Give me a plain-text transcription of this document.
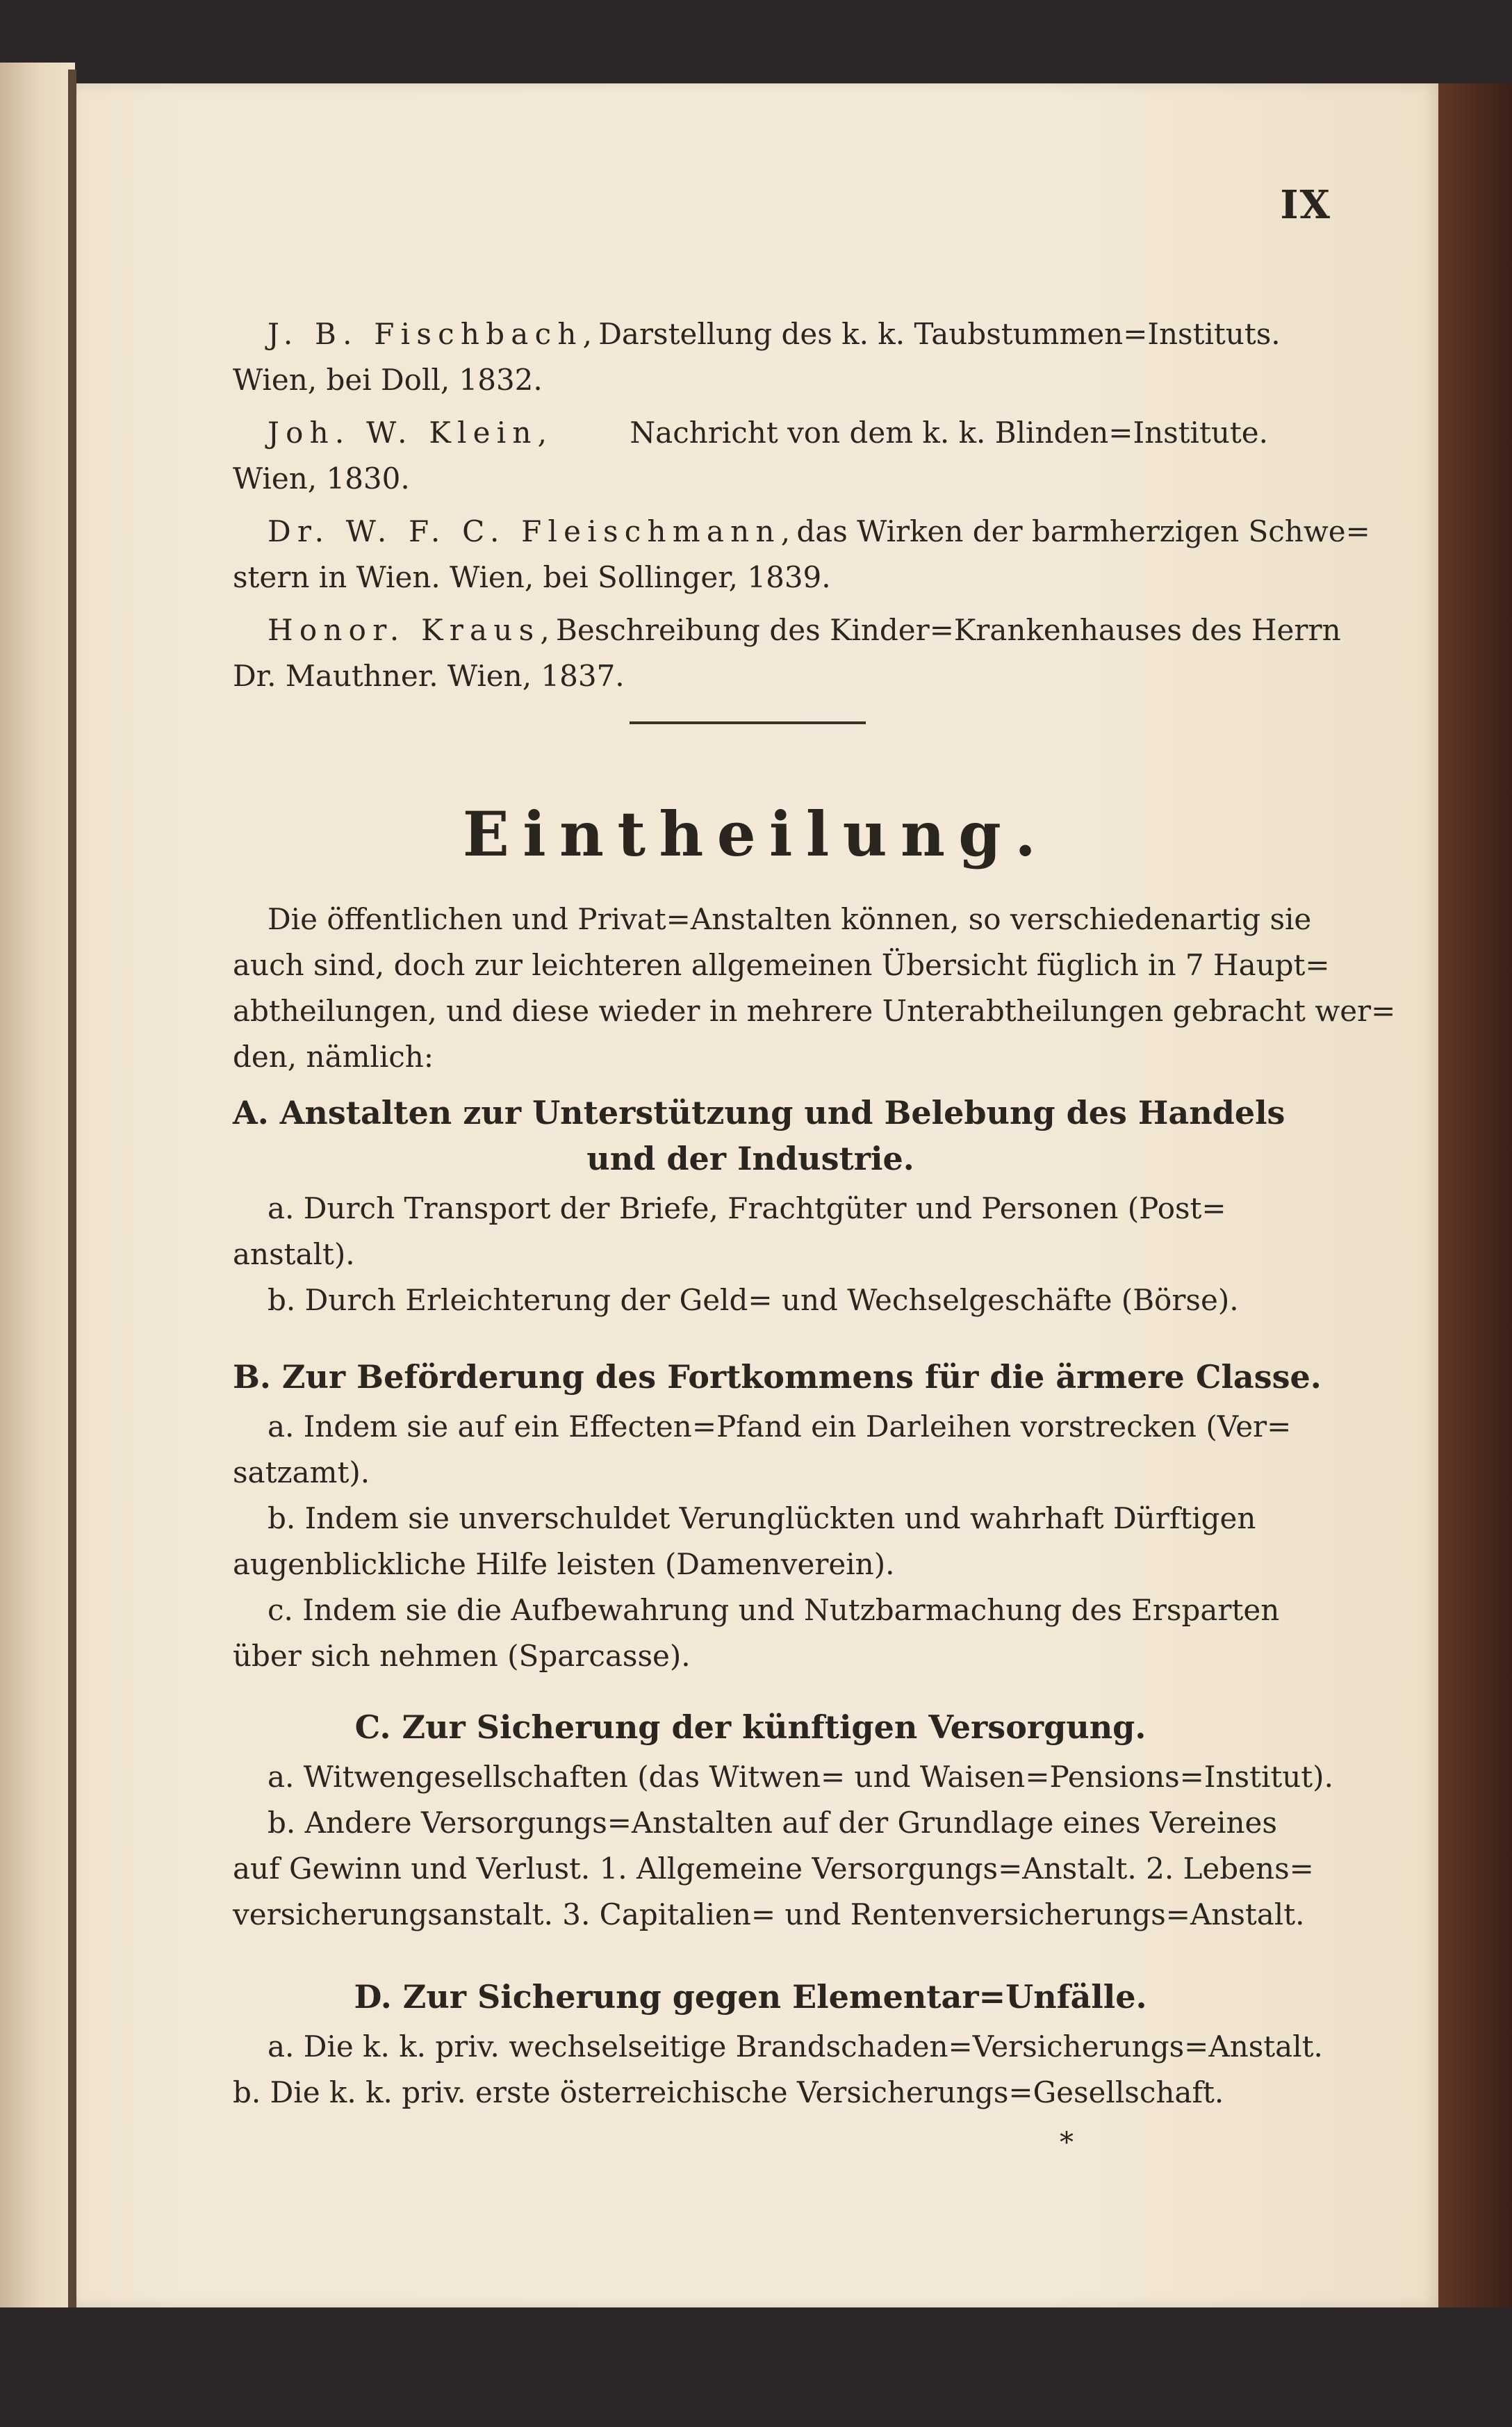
IX
J. B. Fischbach, Darstellung des k. k. Taubstummen=Instituts.
Wien, bei Doll, 1832.
Joh. W. Klein,	Nachricht von dem k. k. Blinden=Institute.
Wien, 1830.
Dr. W. F. C. Fleischmann, das Wirken der barmherzigen Schwe=
stern in Wien. Wien, bei Sollinger, 1839.
Honor. Kraus, Beschreibung des Kinder=Krankenhauses des Herrn
Dr. Mauthner. Wien, 1837.
Eintheilung.
Die öffentlichen und Privat=Anstalten können, so verschiedenartig sie
auch sind, doch zur leichteren allgemeinen Übersicht füglich in 7 Haupt=
abtheilungen, und diese wieder in mehrere Unterabtheilungen gebracht wer=
den, nämlich:
A. Anstalten zur Unterstützung und Belebung des Handels
und der Industrie.
a. Durch Transport der Briefe, Frachtgüter und Personen (Post=
anstalt).
b. Durch Erleichterung der Geld= und Wechselgeschäfte (Börse).
B. Zur Beförderung des Fortkommens für die ärmere Classe.
a. Indem sie auf ein Effecten=Pfand ein Darleihen vorstrecken (Ver=
satzamt).
b. Indem sie unverschuldet Verunglückten und wahrhaft Dürftigen
augenblickliche Hilfe leisten (Damenverein).
c. Indem sie die Aufbewahrung und Nutzbarmachung des Ersparten
über sich nehmen (Sparcasse).
C. Zur Sicherung der künftigen Versorgung.
a. Witwengesellschaften (das Witwen= und Waisen=Pensions=Institut).
b. Andere Versorgungs=Anstalten auf der Grundlage eines Vereines
auf Gewinn und Verlust. 1. Allgemeine Versorgungs=Anstalt. 2. Lebens=
versicherungsanstalt. 3. Capitalien= und Rentenversicherungs=Anstalt.
D. Zur Sicherung gegen Elementar=Unfälle.
a. Die k. k. priv. wechselseitige Brandschaden=Versicherungs=Anstalt.
b. Die k. k. priv. erste österreichische Versicherungs=Gesellschaft.
*
